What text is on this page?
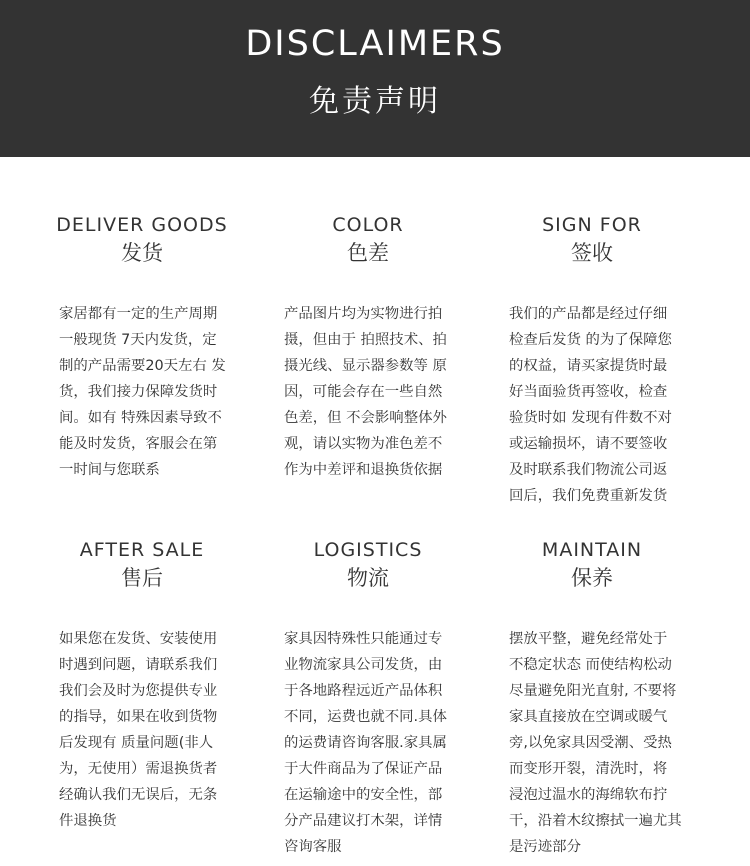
DISCLAIMERS
免责声明
DELIVER GOODS
发货
家居都有一定的生产周期
一般现货 7天内发货，定
制的产品需要20天左右 发
货，我们接力保障发货时
间。如有 特殊因素导致不
能及时发货，客服会在第
一时间与您联系
COLOR
色差
产品图片均为实物进行拍
摄，但由于 拍照技术、拍
摄光线、显示器参数等 原
因，可能会存在一些自然
色差，但 不会影响整体外
观，请以实物为准色差不
作为中差评和退换货依据
SIGN FOR
签收
我们的产品都是经过仔细
检查后发货 的为了保障您
的权益，请买家提货时最
好当面验货再签收，检查
验货时如 发现有件数不对
或运输损坏，请不要签收
及时联系我们物流公司返
回后，我们免费重新发货
AFTER SALE
售后
如果您在发货、安装使用
时遇到问题，请联系我们
我们会及时为您提供专业
的指导，如果在收到货物
后发现有 质量问题(非人
为，无使用）需退换货者
经确认我们无误后，无条
件退换货
LOGISTICS
物流
家具因特殊性只能通过专
业物流家具公司发货，由
于各地路程远近产品体积
不同，运费也就不同.具体
的运费请咨询客服.家具属
于大件商品为了保证产品
在运输途中的安全性，部
分产品建议打木架，详情
咨询客服
MAINTAIN
保养
摆放平整，避免经常处于
不稳定状态 而使结构松动
尽量避免阳光直射, 不要将
家具直接放在空调或暖气
旁,以免家具因受潮、受热
而变形开裂，清洗时，将
浸泡过温水的海绵软布拧
干，沿着木纹擦拭一遍尤其
是污迹部分
